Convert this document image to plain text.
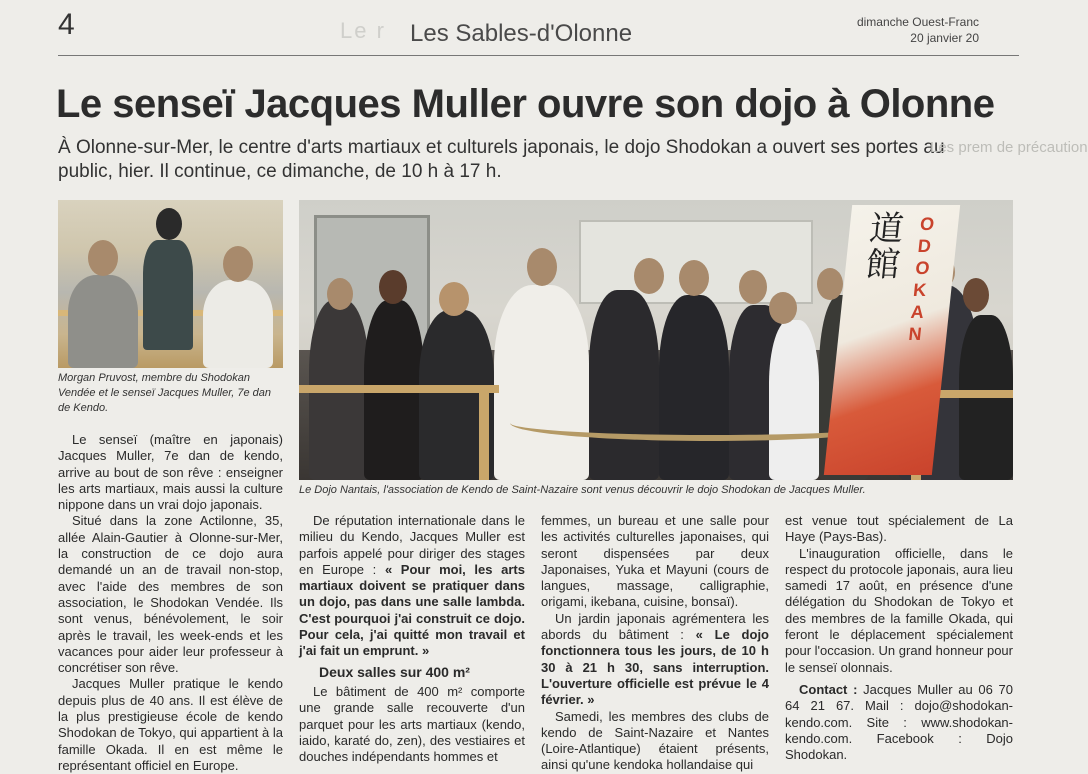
4	Le r Les Sables-d'Olonne	dimanche Ouest-Franc
20 janvier 20
Le senseï Jacques Muller ouvre son dojo à Olonne
À Olonne-sur-Mer, le centre d'arts martiaux et culturels japonais, le dojo Shodokan a ouvert ses portes au public, hier. Il continue, ce dimanche, de 10 h à 17 h.
Les prem de précaution
Morgan Pruvost, membre du Shodokan Vendée et le senseï Jacques Muller, 7e dan de Kendo.
道館
ODOKAN
Le Dojo Nantais, l'association de Kendo de Saint-Nazaire sont venus découvrir le dojo Shodokan de Jacques Muller.

Le senseï (maître en japonais) Jacques Muller, 7e dan de kendo, arrive au bout de son rêve : enseigner les arts martiaux, mais aussi la culture nippone dans un vrai dojo japonais.

Situé dans la zone Actilonne, 35, allée Alain-Gautier à Olonne-sur-Mer, la construction de ce dojo aura demandé un an de travail non-stop, avec l'aide des membres de son association, le Shodokan Vendée. Ils sont venus, bénévolement, le soir après le travail, les week-ends et les vacances pour aider leur professeur à concrétiser son rêve.

Jacques Muller pratique le kendo depuis plus de 40 ans. Il est élève de la plus prestigieuse école de kendo Shodokan de Tokyo, qui appartient à la famille Okada. Il en est même le représentant officiel en Europe.

De réputation internationale dans le milieu du Kendo, Jacques Muller est parfois appelé pour diriger des stages en Europe : « Pour moi, les arts martiaux doivent se pratiquer dans un dojo, pas dans une salle lambda. C'est pourquoi j'ai construit ce dojo. Pour cela, j'ai quitté mon travail et j'ai fait un emprunt. »

Deux salles sur 400 m²

Le bâtiment de 400 m² comporte une grande salle recouverte d'un parquet pour les arts martiaux (kendo, iaido, karaté do, zen), des vestiaires et douches indépendants hommes et

femmes, un bureau et une salle pour les activités culturelles japonaises, qui seront dispensées par deux Japonaises, Yuka et Mayuni (cours de langues, massage, calligraphie, origami, ikebana, cuisine, bonsaï).

Un jardin japonais agrémentera les abords du bâtiment : « Le dojo fonctionnera tous les jours, de 10 h 30 à 21 h 30, sans interruption. L'ouverture officielle est prévue le 4 février. »

Samedi, les membres des clubs de kendo de Saint-Nazaire et Nantes (Loire-Atlantique) étaient présents, ainsi qu'une kendoka hollandaise qui

est venue tout spécialement de La Haye (Pays-Bas).

L'inauguration officielle, dans le respect du protocole japonais, aura lieu samedi 17 août, en présence d'une délégation du Shodokan de Tokyo et des membres de la famille Okada, qui feront le déplacement spécialement pour l'occasion. Un grand honneur pour le senseï olonnais.

Contact : Jacques Muller au 06 70 64 21 67. Mail : dojo@shodokan-kendo.com. Site : www.shodokan-kendo.com. Facebook : Dojo Shodokan.
